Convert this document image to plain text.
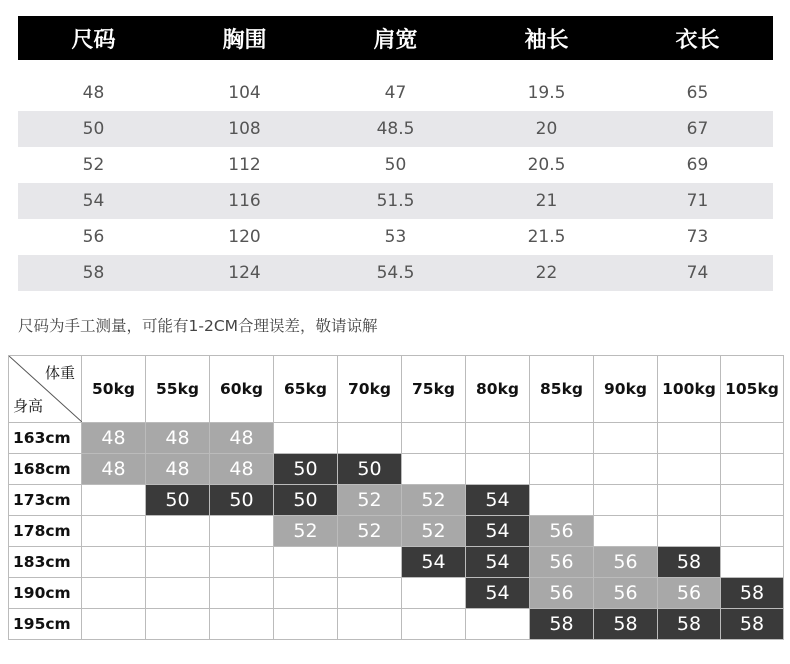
尺码	胸围	肩宽	袖长	衣长
48	104	47	19.5	65
50	108	48.5	20	67
52	112	50	20.5	69
54	116	51.5	21	71
56	120	53	21.5	73
58	124	54.5	22	74
尺码为手工测量，可能有1-2CM合理误差，敬请谅解
体重
身高	50kg	55kg	60kg	65kg	70kg	75kg	80kg	85kg	90kg	100kg	105kg
163cm	48	48	48								
168cm	48	48	48	50	50						
173cm		50	50	50	52	52	54				
178cm				52	52	52	54	56			
183cm						54	54	56	56	58	
190cm							54	56	56	56	58
195cm								58	58	58	58
